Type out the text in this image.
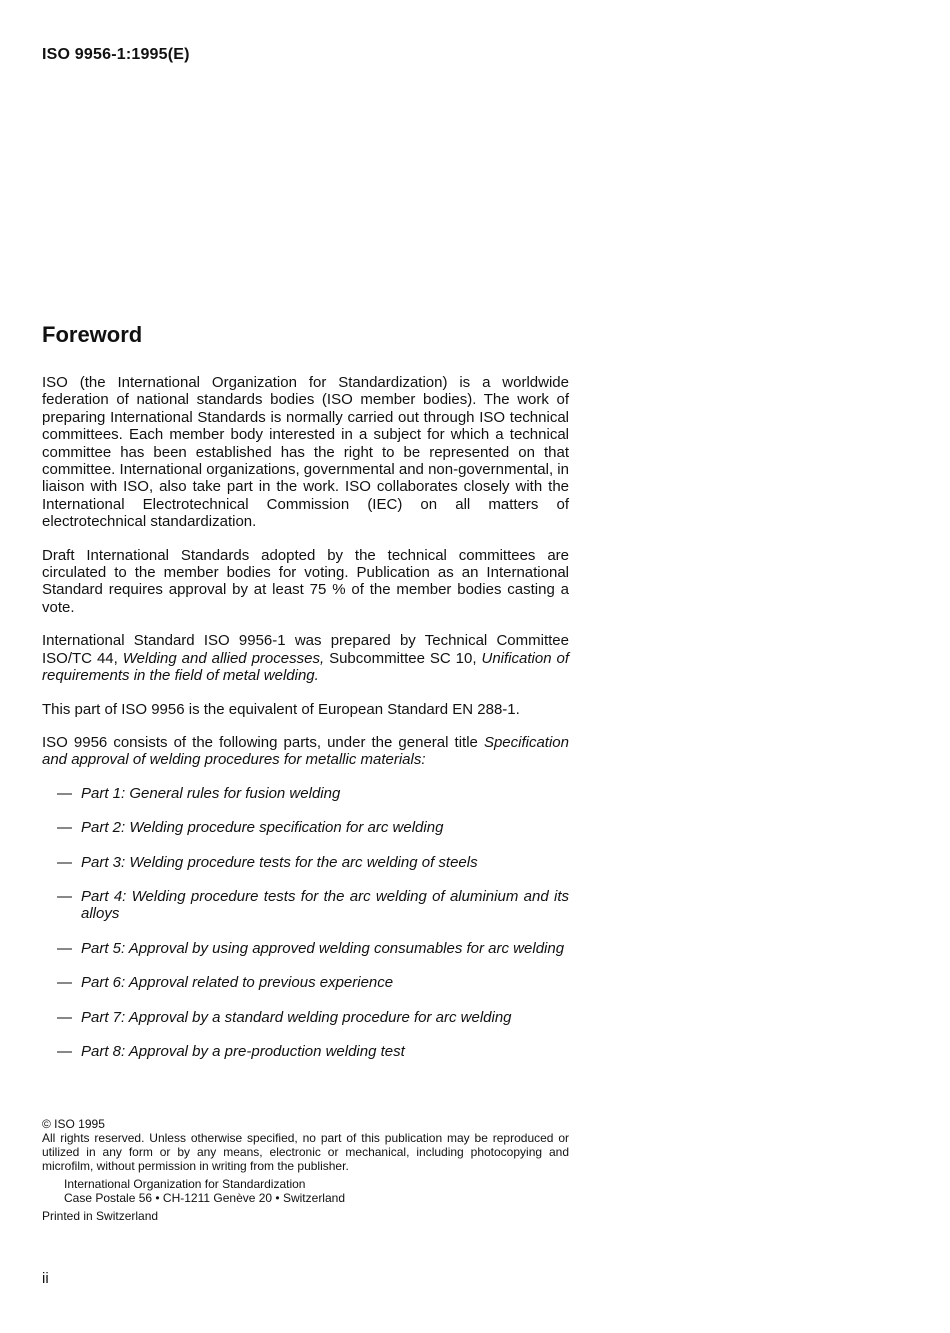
ISO 9956-1:1995(E)
Foreword

ISO (the International Organization for Standardization) is a worldwide federation of national standards bodies (ISO member bodies). The work of preparing International Standards is normally carried out through ISO technical committees. Each member body interested in a subject for which a technical committee has been established has the right to be represented on that committee. International organizations, governmental and non-governmental, in liaison with ISO, also take part in the work. ISO collaborates closely with the International Electrotechnical Commission (IEC) on all matters of electrotechnical standardization.

Draft International Standards adopted by the technical committees are circulated to the member bodies for voting. Publication as an International Standard requires approval by at least 75 % of the member bodies casting a vote.

International Standard ISO 9956-1 was prepared by Technical Committee ISO/TC 44, Welding and allied processes, Subcommittee SC 10, Unification of requirements in the field of metal welding.

This part of ISO 9956 is the equivalent of European Standard EN 288-1.

ISO 9956 consists of the following parts, under the general title Specification and approval of welding procedures for metallic materials:

— Part 1: General rules for fusion welding
— Part 2: Welding procedure specification for arc welding
— Part 3: Welding procedure tests for the arc welding of steels
— Part 4: Welding procedure tests for the arc welding of aluminium and its alloys
— Part 5: Approval by using approved welding consumables for arc welding
— Part 6: Approval related to previous experience
— Part 7: Approval by a standard welding procedure for arc welding
— Part 8: Approval by a pre-production welding test

© ISO 1995

All rights reserved. Unless otherwise specified, no part of this publication may be reproduced or utilized in any form or by any means, electronic or mechanical, including photocopying and microfilm, without permission in writing from the publisher.

International Organization for Standardization

Case Postale 56 • CH-1211 Genève 20 • Switzerland

Printed in Switzerland

ii
